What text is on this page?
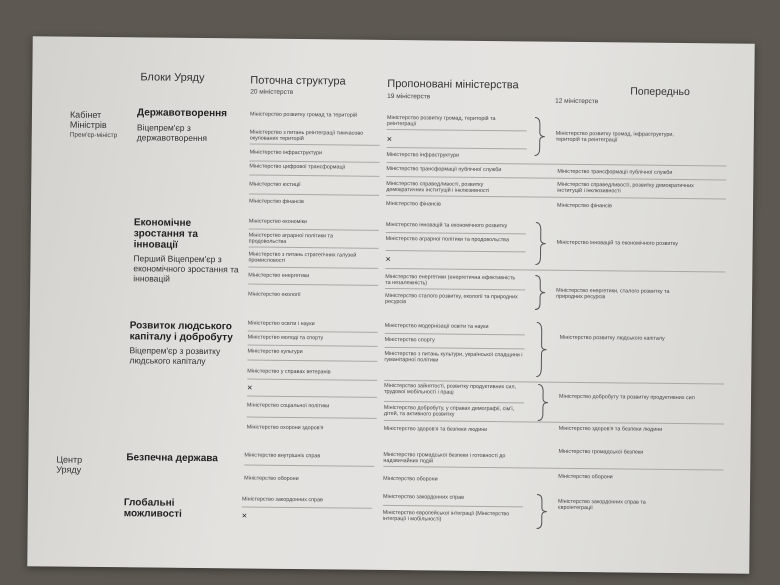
Блоки Уряду	Поточна структура
20 міністерств
Пропоновані міністерства
19 міністерств
12 міністерств
Попередньо
Кабінет
Міністрів
Прем'єр-міністр
Центр
Уряду
Державотворення
Віцепрем'єр з державотворення
Економічне зростання та інновації
Перший Віцепрем'єр з економічного зростання та інновацій
Розвиток людського капіталу і добробуту
Віцепрем'єр з розвитку людського капіталу
Безпечна держава
Глобальні можливості
Міністерство розвитку громад та територій
Міністерство з питань реінтеграції тимчасово окупованих територій
Міністерство інфраструктури
Міністерство цифрової трансформації
Міністерство юстиції
Міністерство фінансів
Міністерство економіки
Міністерство аграрної політики та продовольства
Міністерство з питань стратегічних галузей промисловості
Міністерство енергетики
Міністерство екології
Міністерство освіти і науки
Міністерство молоді та спорту
Міністерство культури
Міністерство у справах ветеранів
×
Міністерство соціальної політики
Міністерство охорони здоров'я
Міністерство внутрішніх справ
Міністерство оборони
Міністерство закордонних справ
×
Міністерство розвитку громад, територій та реінтеграції
×
Міністерство інфраструктури
Міністерство трансформації публічної служби
Міністерство справедливості, розвитку демократичних інституцій і інклюзивності
Міністерство фінансів
Міністерство інновацій та економічного розвитку
Міністерство аграрної політики та продовольства
×
Міністерство енергетики (енергетична ефективність та незалежність)
Міністерство сталого розвитку, екології та природних ресурсів
Міністерство модернізації освіти та науки
Міністерство спорту
Міністерство з питань культури, української спадщини і гуманітарної політики
Міністерство зайнятості, розвитку продуктивних сил, трудової мобільності і праці
Міністерство добробуту, у справах демографії, сім'ї, дітей, та активного розвитку
Міністерство здоров'я та безпеки людини
Міністерство громадської безпеки і готовності до надзвичайних подій
Міністерство оборони
Міністерство закордонних справ
Міністерство європейської інтеграції (Міністерство інтеграції і мобільності)
Міністерство розвитку громад, інфраструктури, територій та реінтеграції
Міністерство трансформації публічної служби
Міністерство справедливості, розвитку демократичних інституцій і інклюзивності
Міністерство фінансів
Міністерство інновацій та економічного розвитку
Міністерство енергетики, сталого розвитку та природних ресурсів
Міністерство розвитку людського капіталу
Міністерство добробуту та розвитку продуктивних сил
Міністерство здоров'я та безпеки людини
Міністерство громадської безпеки
Міністерство оборони
Міністерство закордонних справ та євроінтеграції
